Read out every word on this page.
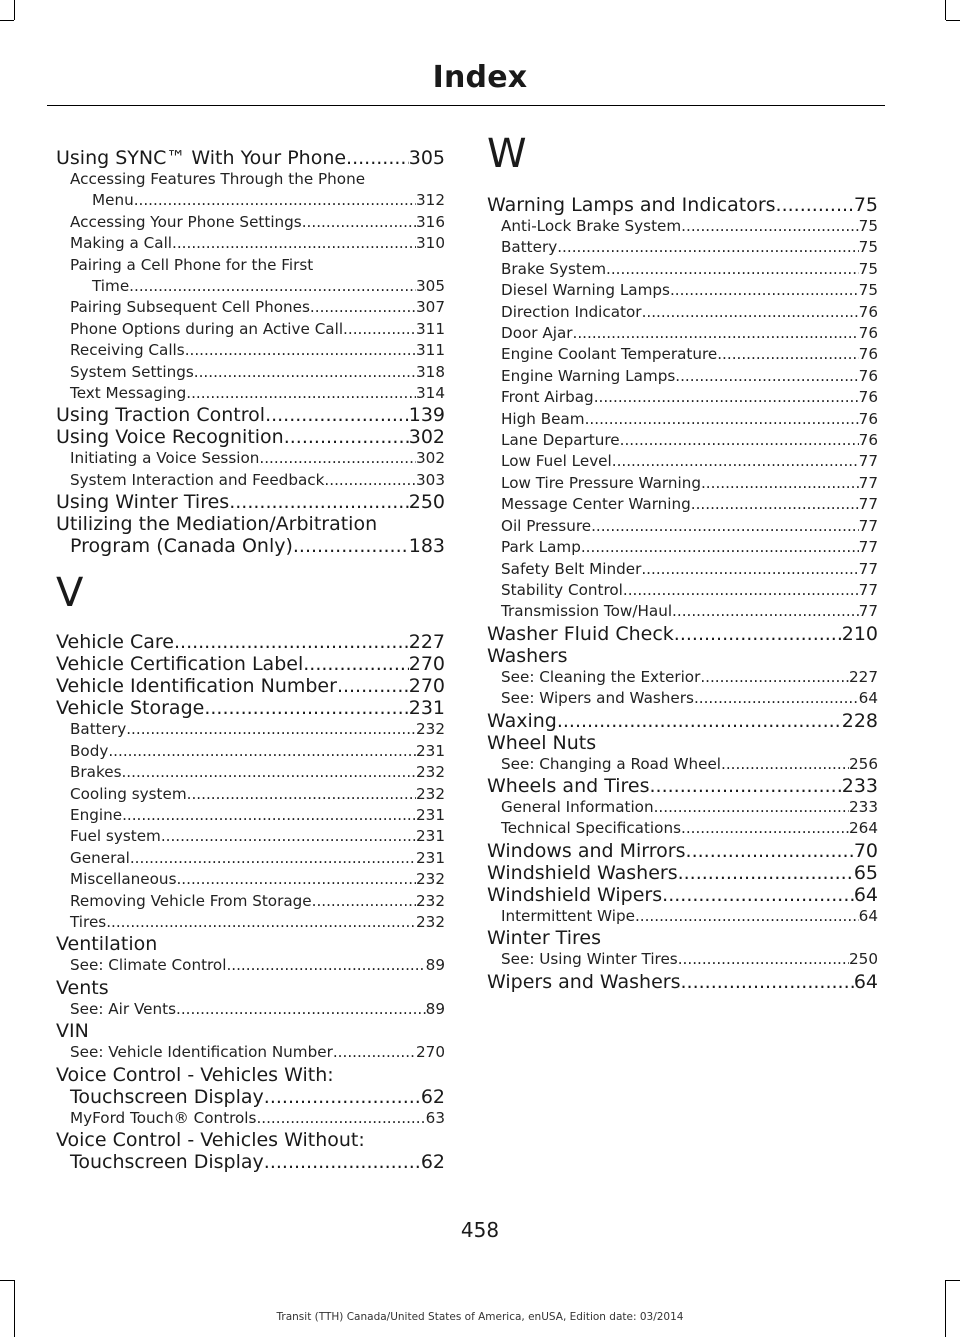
Index
Using SYNC™ With Your Phone .....	305
Accessing Features Through the Phone
Menu .....	312
Accessing Your Phone Settings .....	316
Making a Call .....	310
Pairing a Cell Phone for the First
Time .....	305
Pairing Subsequent Cell Phones .....	307
Phone Options during an Active Call .....	311
Receiving Calls .....	311
System Settings .....	318
Text Messaging .....	314
Using Traction Control .....	139
Using Voice Recognition .....	302
Initiating a Voice Session .....	302
System Interaction and Feedback .....	303
Using Winter Tires .....	250
Utilizing the Mediation/Arbitration
Program (Canada Only) .....	183
V
Vehicle Care .....	227
Vehicle Certification Label .....	270
Vehicle Identification Number .....	270
Vehicle Storage .....	231
Battery .....	232
Body .....	231
Brakes .....	232
Cooling system .....	232
Engine .....	231
Fuel system .....	231
General .....	231
Miscellaneous .....	232
Removing Vehicle From Storage .....	232
Tires .....	232
Ventilation
See: Climate Control .....	89
Vents
See: Air Vents .....	89
VIN
See: Vehicle Identification Number .....	270
Voice Control - Vehicles With:
Touchscreen Display .....	62
MyFord Touch® Controls .....	63
Voice Control - Vehicles Without:
Touchscreen Display .....	62
W
Warning Lamps and Indicators .....	75
Anti-Lock Brake System .....	75
Battery .....	75
Brake System .....	75
Diesel Warning Lamps .....	75
Direction Indicator .....	76
Door Ajar .....	76
Engine Coolant Temperature .....	76
Engine Warning Lamps .....	76
Front Airbag .....	76
High Beam .....	76
Lane Departure .....	76
Low Fuel Level .....	77
Low Tire Pressure Warning .....	77
Message Center Warning .....	77
Oil Pressure .....	77
Park Lamp .....	77
Safety Belt Minder .....	77
Stability Control .....	77
Transmission Tow/Haul .....	77
Washer Fluid Check .....	210
Washers
See: Cleaning the Exterior .....	227
See: Wipers and Washers .....	64
Waxing .....	228
Wheel Nuts
See: Changing a Road Wheel .....	256
Wheels and Tires .....	233
General Information .....	233
Technical Specifications .....	264
Windows and Mirrors .....	70
Windshield Washers .....	65
Windshield Wipers .....	64
Intermittent Wipe .....	64
Winter Tires
See: Using Winter Tires .....	250
Wipers and Washers .....	64
458
Transit (TTH) Canada/United States of America, enUSA, Edition date: 03/2014
